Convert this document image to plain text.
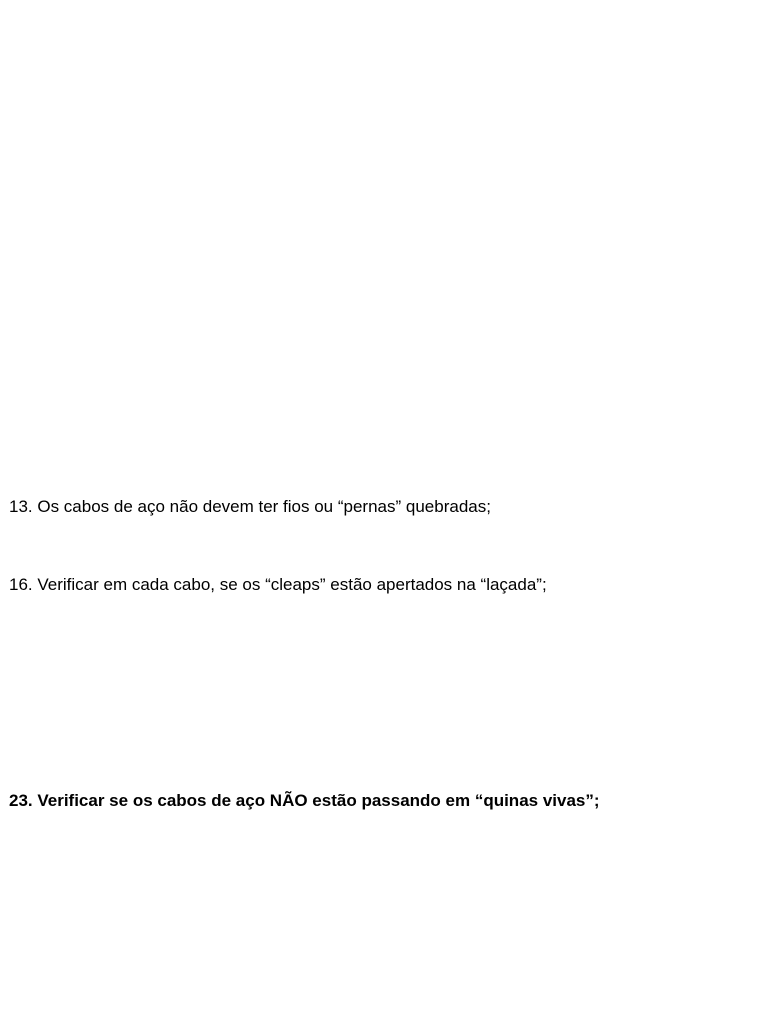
13. Os cabos de aço não devem ter fios ou “pernas” quebradas;
16. Verificar em cada cabo, se os “cleaps” estão apertados na “laçada”;
23. Verificar se os cabos de aço NÃO estão passando em “quinas vivas”;
